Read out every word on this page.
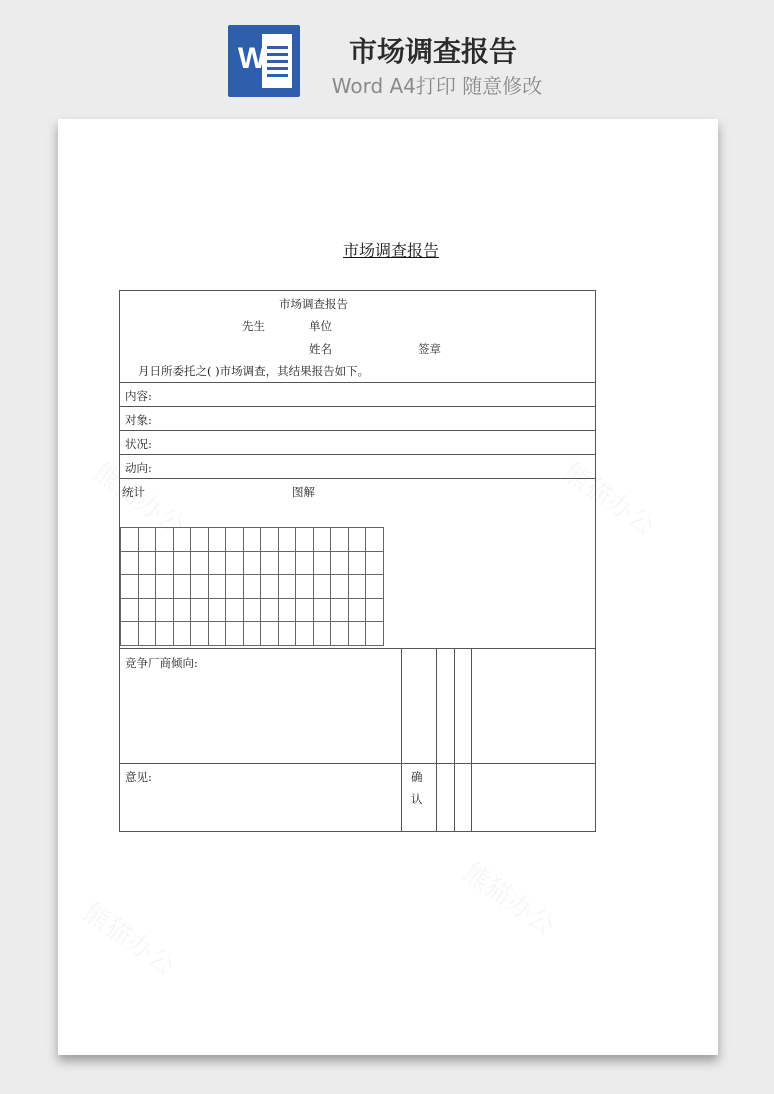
W	市场调查报告
Word A4打印 随意修改
市场调查报告
市场调查报告
先生	单位
姓名	签章
月日所委托之( )市场调查，其结果报告如下。
内容:
对象:
状况:
动向:
统计	图解

竞争厂商倾向:
意见:	确
认
